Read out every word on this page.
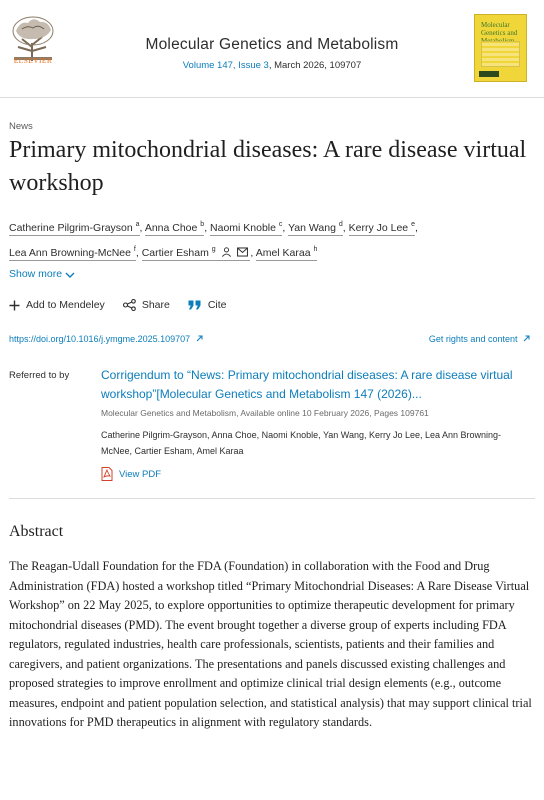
ELSEVIER
Molecular Genetics and Metabolism
Volume 147, Issue 3, March 2026, 109707
Molecular Genetics and
News
Primary mitochondrial diseases: A rare disease virtual workshop
Catherine Pilgrim-Grayson $^a$, Anna Choe $^b$, Naomi Knoble $^c$, Yan Wang $^d$, Kerry Jo Lee $^e$,
Lea Ann Browning-McNee $^f$, Cartier Esham $^g$	, Amel Karaa $^h$
Show more
Add to Mendeley	Share	Cite
https://doi.org/10.1016/j.ymgme.2025.109707	Get rights and content
Referred to by	Corrigendum to “News: Primary mitochondrial diseases: A rare disease virtual workshop”[Molecular Genetics and Metabolism 147 (2026)...
Molecular Genetics and Metabolism, Available online 10 February 2026, Pages 109761
Catherine Pilgrim-Grayson, Anna Choe, Naomi Knoble, Yan Wang, Kerry Jo Lee, Lea Ann Browning-McNee, Cartier Esham, Amel Karaa
View PDF
Abstract
The Reagan-Udall Foundation for the FDA (Foundation) in collaboration with the Food and Drug Administration (FDA) hosted a workshop titled “Primary Mitochondrial Diseases: A Rare Disease Virtual Workshop” on 22 May 2025, to explore opportunities to optimize therapeutic development for primary mitochondrial diseases (PMD). The event brought together a diverse group of experts including FDA regulators, regulated industries, health care professionals, scientists, patients and their families and caregivers, and patient organizations. The presentations and panels discussed existing challenges and proposed strategies to improve enrollment and optimize clinical trial design elements (e.g., outcome measures, endpoint and patient population selection, and statistical analysis) that may support clinical trial innovations for PMD therapeutics in alignment with regulatory standards.
